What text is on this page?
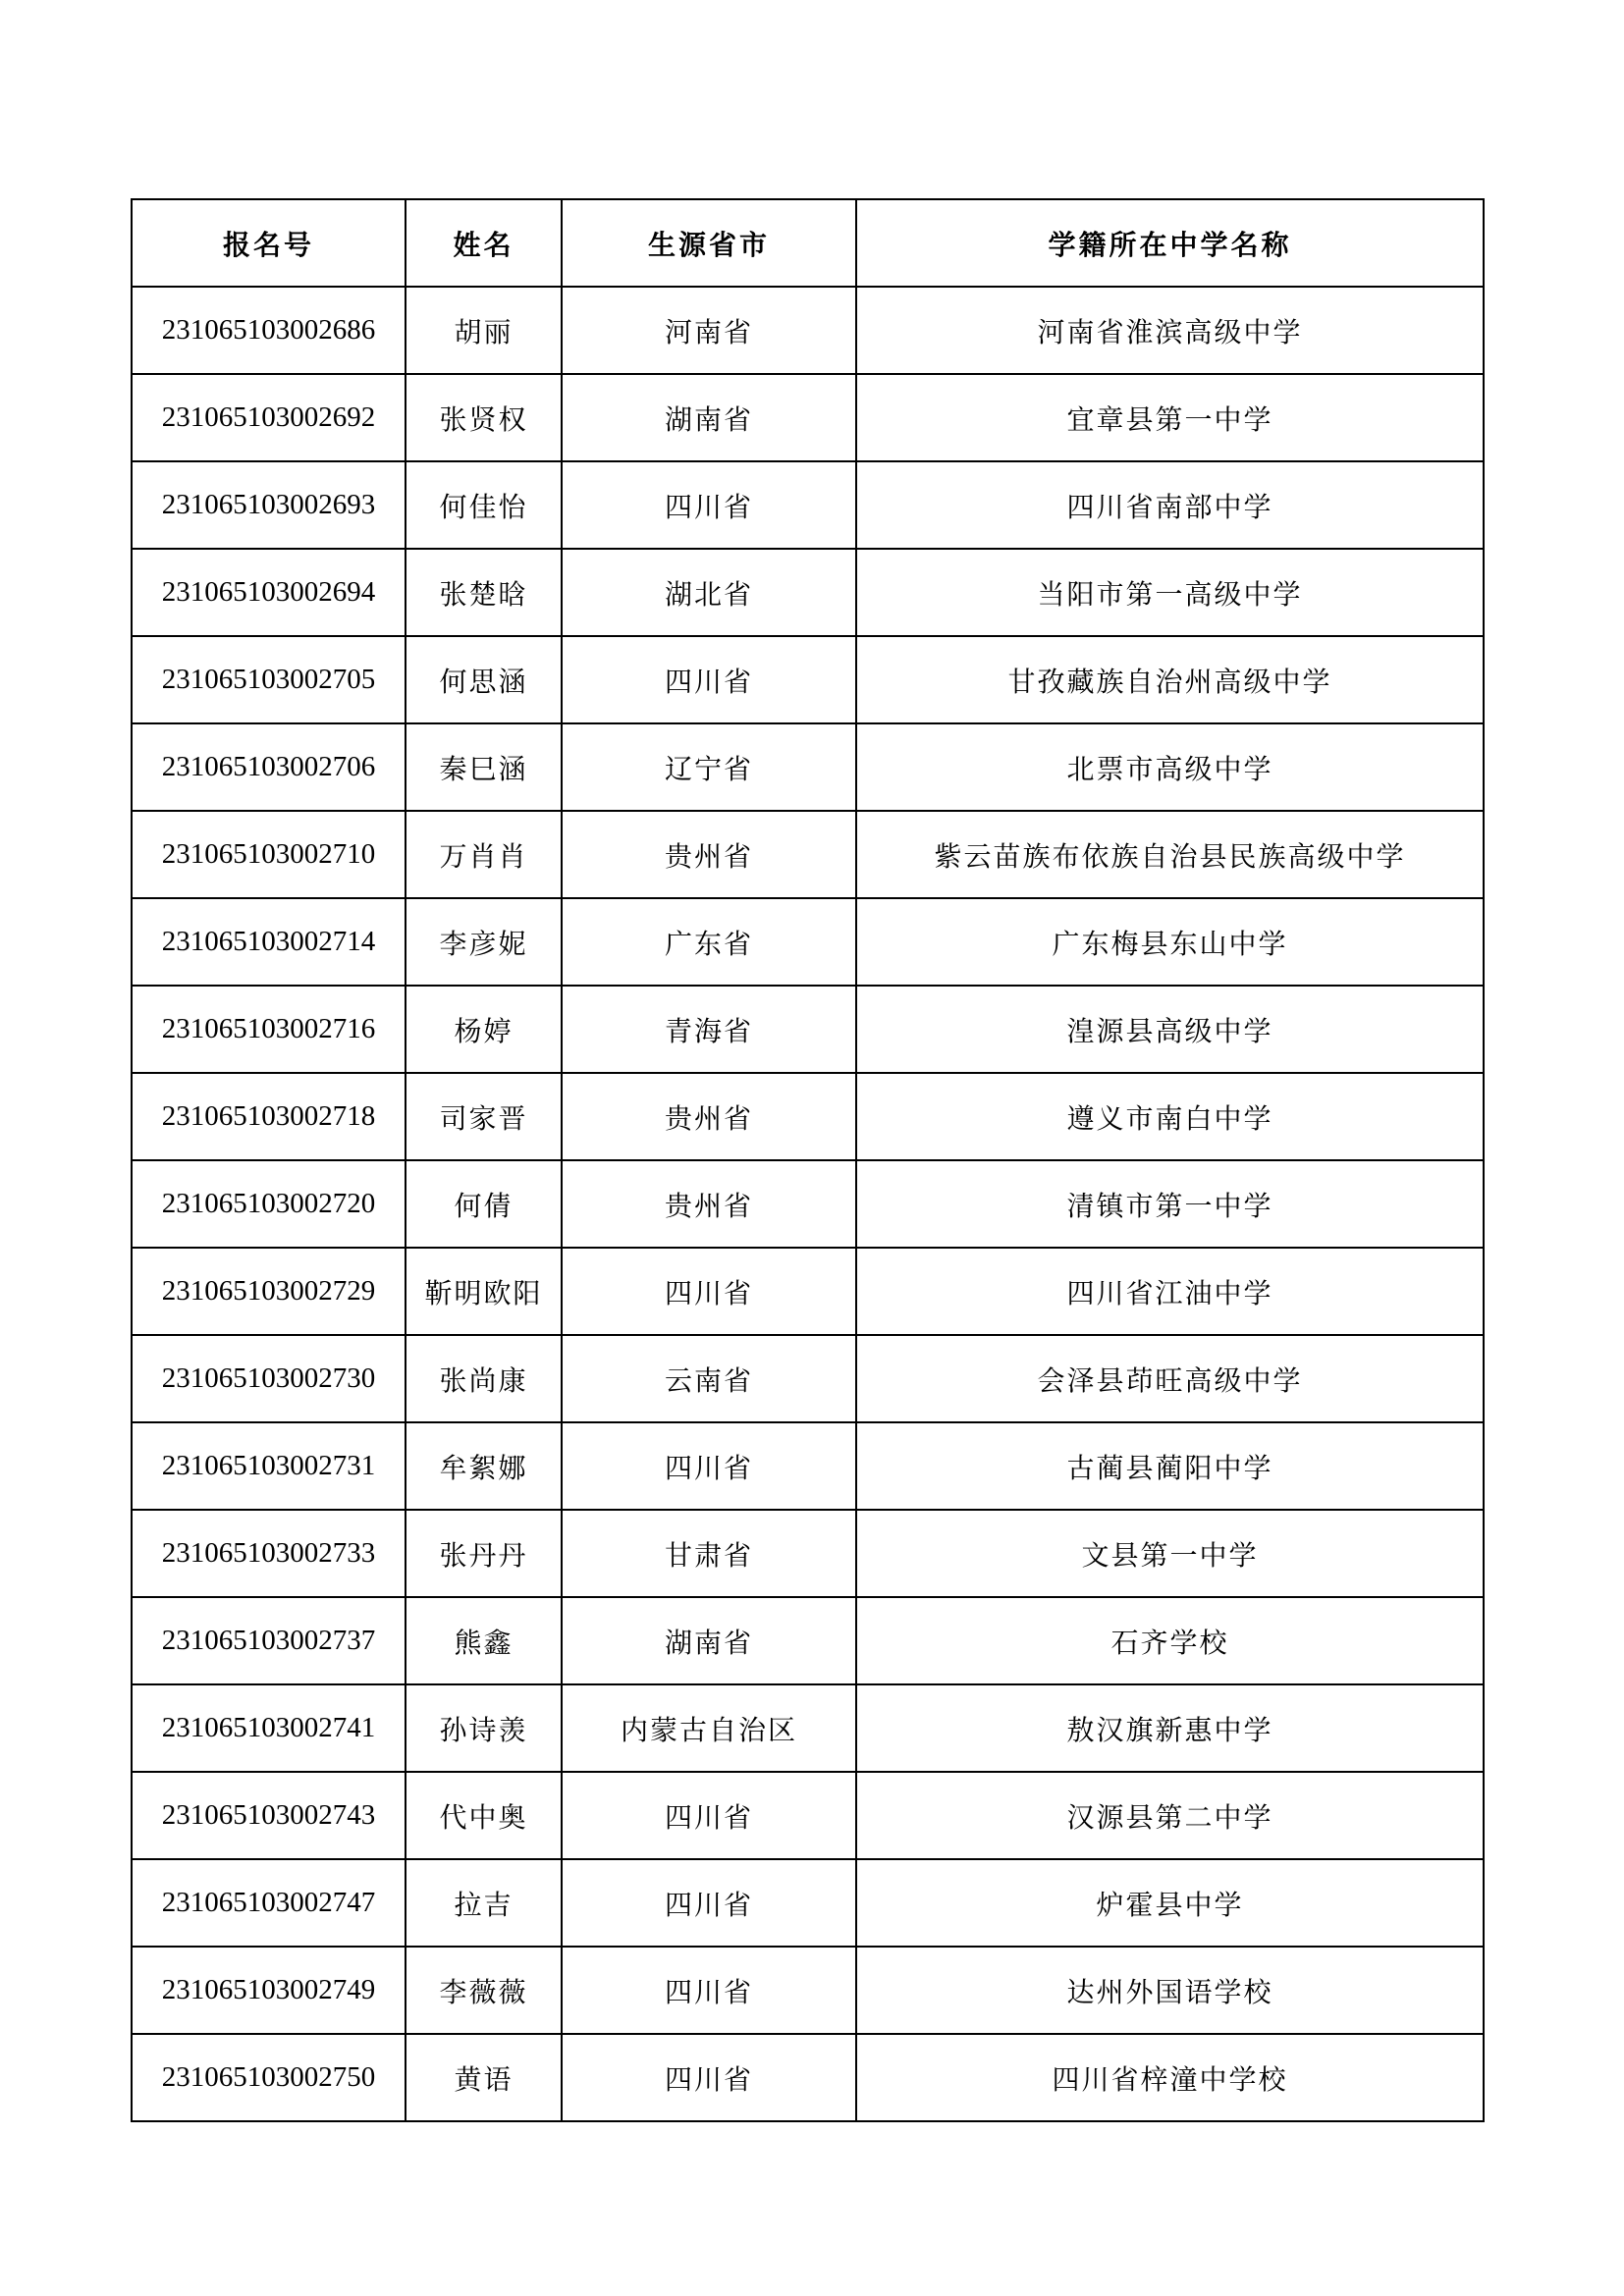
报名号	姓名	生源省市	学籍所在中学名称
231065103002686	胡丽	河南省	河南省淮滨高级中学
231065103002692	张贤权	湖南省	宜章县第一中学
231065103002693	何佳怡	四川省	四川省南部中学
231065103002694	张楚晗	湖北省	当阳市第一高级中学
231065103002705	何思涵	四川省	甘孜藏族自治州高级中学
231065103002706	秦巳涵	辽宁省	北票市高级中学
231065103002710	万肖肖	贵州省	紫云苗族布依族自治县民族高级中学
231065103002714	李彦妮	广东省	广东梅县东山中学
231065103002716	杨婷	青海省	湟源县高级中学
231065103002718	司家晋	贵州省	遵义市南白中学
231065103002720	何倩	贵州省	清镇市第一中学
231065103002729	靳明欧阳	四川省	四川省江油中学
231065103002730	张尚康	云南省	会泽县茚旺高级中学
231065103002731	牟絮娜	四川省	古蔺县蔺阳中学
231065103002733	张丹丹	甘肃省	文县第一中学
231065103002737	熊鑫	湖南省	石齐学校
231065103002741	孙诗羡	内蒙古自治区	敖汉旗新惠中学
231065103002743	代中奥	四川省	汉源县第二中学
231065103002747	拉吉	四川省	炉霍县中学
231065103002749	李薇薇	四川省	达州外国语学校
231065103002750	黄语	四川省	四川省梓潼中学校
